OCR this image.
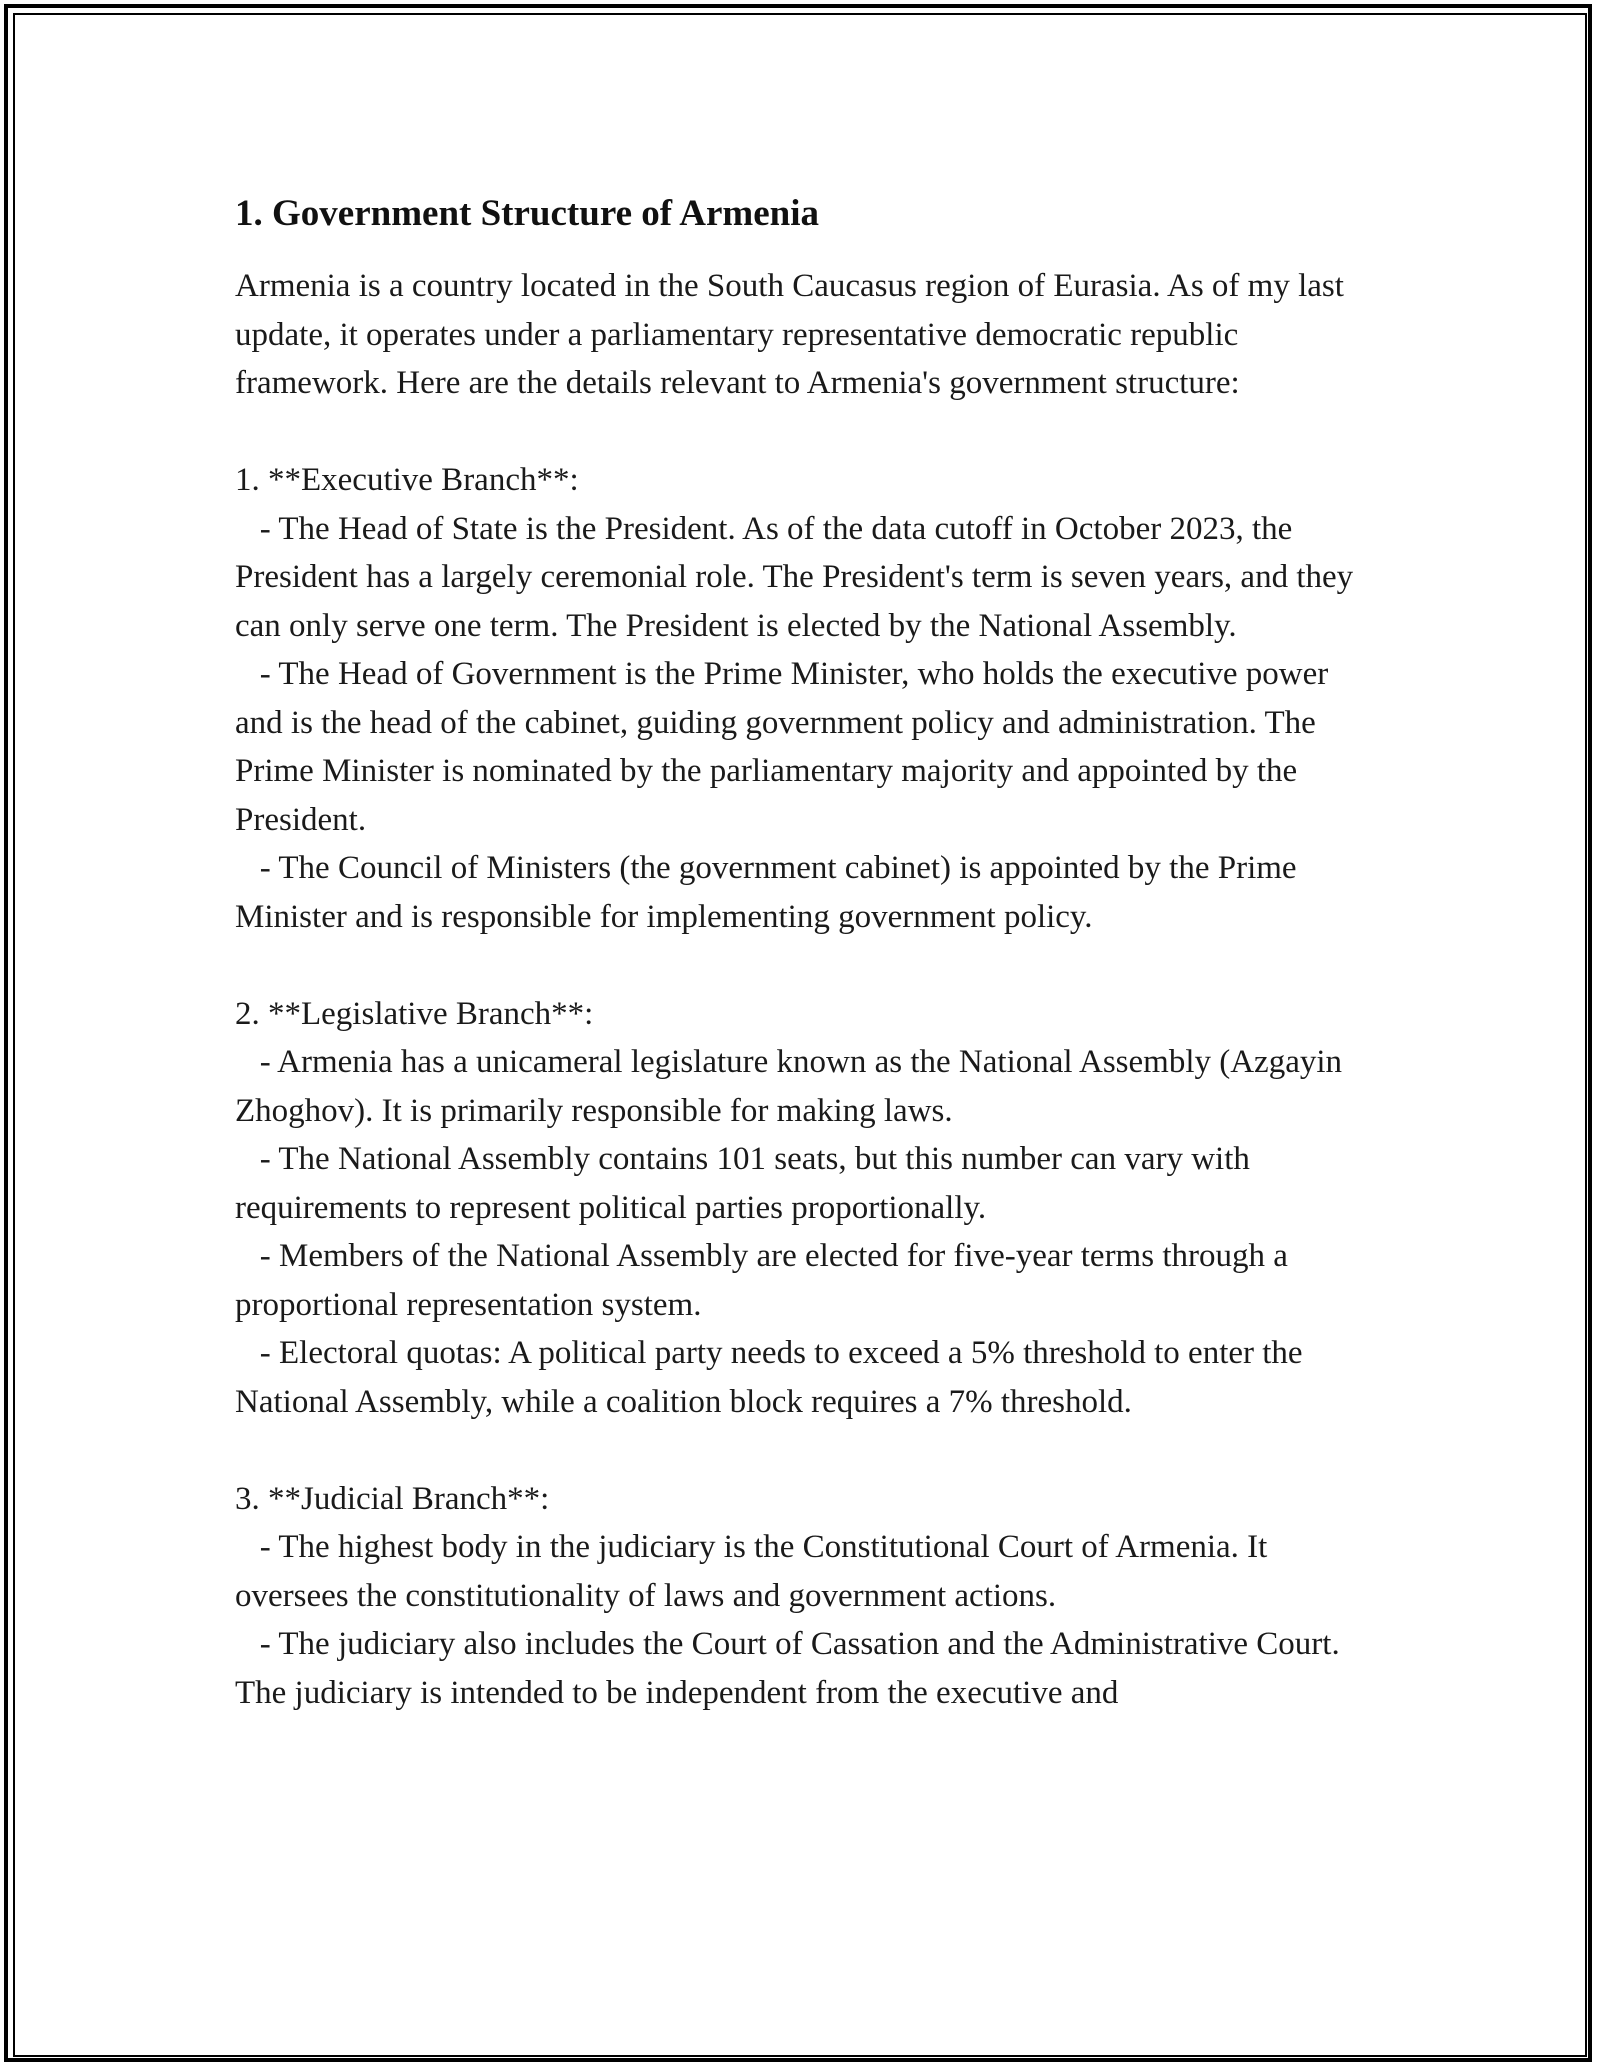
1. Government Structure of Armenia

Armenia is a country located in the South Caucasus region of Eurasia. As of my last update, it operates under a parliamentary representative democratic republic framework. Here are the details relevant to Armenia's government structure:

1. **Executive Branch**:

- The Head of State is the President. As of the data cutoff in October 2023, the President has a largely ceremonial role. The President's term is seven years, and they can only serve one term. The President is elected by the National Assembly.

- The Head of Government is the Prime Minister, who holds the executive power and is the head of the cabinet, guiding government policy and administration. The Prime Minister is nominated by the parliamentary majority and appointed by the President.

- The Council of Ministers (the government cabinet) is appointed by the Prime Minister and is responsible for implementing government policy.

2. **Legislative Branch**:

- Armenia has a unicameral legislature known as the National Assembly (Azgayin Zhoghov). It is primarily responsible for making laws.

- The National Assembly contains 101 seats, but this number can vary with requirements to represent political parties proportionally.

- Members of the National Assembly are elected for five-year terms through a proportional representation system.

- Electoral quotas: A political party needs to exceed a 5% threshold to enter the National Assembly, while a coalition block requires a 7% threshold.

3. **Judicial Branch**:

- The highest body in the judiciary is the Constitutional Court of Armenia. It oversees the constitutionality of laws and government actions.

- The judiciary also includes the Court of Cassation and the Administrative Court. The judiciary is intended to be independent from the executive and
